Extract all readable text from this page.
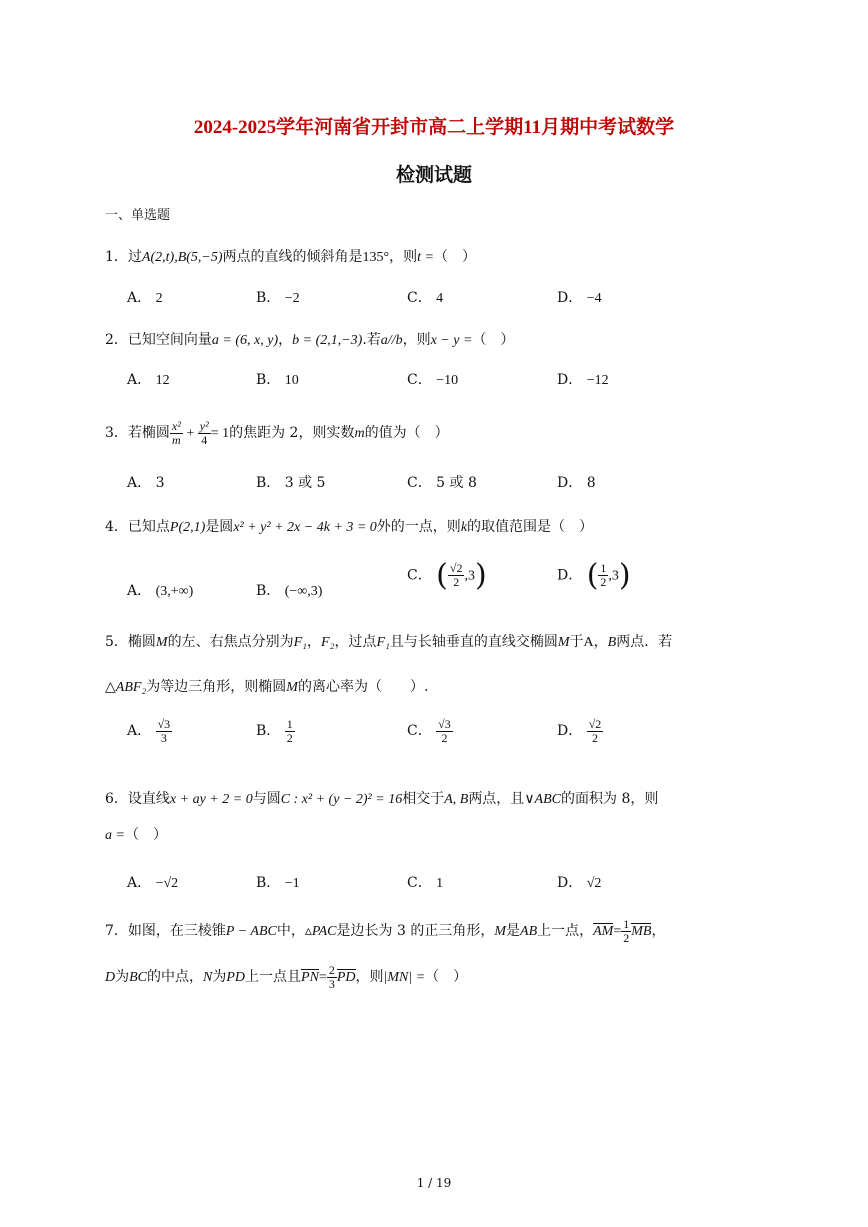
2024-2025学年河南省开封市高二上学期11月期中考试数学
检测试题
一、单选题
1．过A(2,t),B(5,−5)两点的直线的倾斜角是135°，则t =（　）
A． 2	B． −2	C． 4	D． −4
2．已知空间向量a = (6, x, y)，b = (2,1,−3).若a//b，则x − y =（　）
A． 12	B． 10	C． −10	D． −12
3．若椭圆 $\frac{\text{x²}}{m} + \frac{\text{y²}}{4} = 1$的焦距为 2，则实数m的值为（　）
A． 3	B． 3 或 5	C． 5 或 8	D． 8
4．已知点P(2,1)是圆x² + y² + 2x − 4k + 3 = 0外的一点，则k的取值范围是（　）
A． (3,+∞)	B． (−∞,3)
C． ( $\frac{√2}{2} ,3$)	D． ( $\frac{1}{2} ,3$)
5．椭圆M的左、右焦点分别为F₁，F₂，过点F₁且与长轴垂直的直线交椭圆M于A，B两点．若
△ABF₂为等边三角形，则椭圆M的离心率为（　　）.
A． $\frac{√3}{3}$	B． $\frac{1}{2}$	C． $\frac{√3}{2}$	D． $\frac{√2}{2}$
6．设直线x + ay + 2 = 0与圆C : x² + (y − 2)² = 16相交于A, B两点，且∨ABC的面积为 8，则
a =（　）
A． −√2	B． −1	C． 1	D． √2
7．如图，在三棱锥P − ABC中，▵PAC是边长为 3 的正三角形，M是AB上一点，$AM= \frac{1}{2}$ MB，
D为BC的中点，N为PD上一点且$PN= \frac{2}{3}$ PD，则|MN| =（　）
1 / 19
